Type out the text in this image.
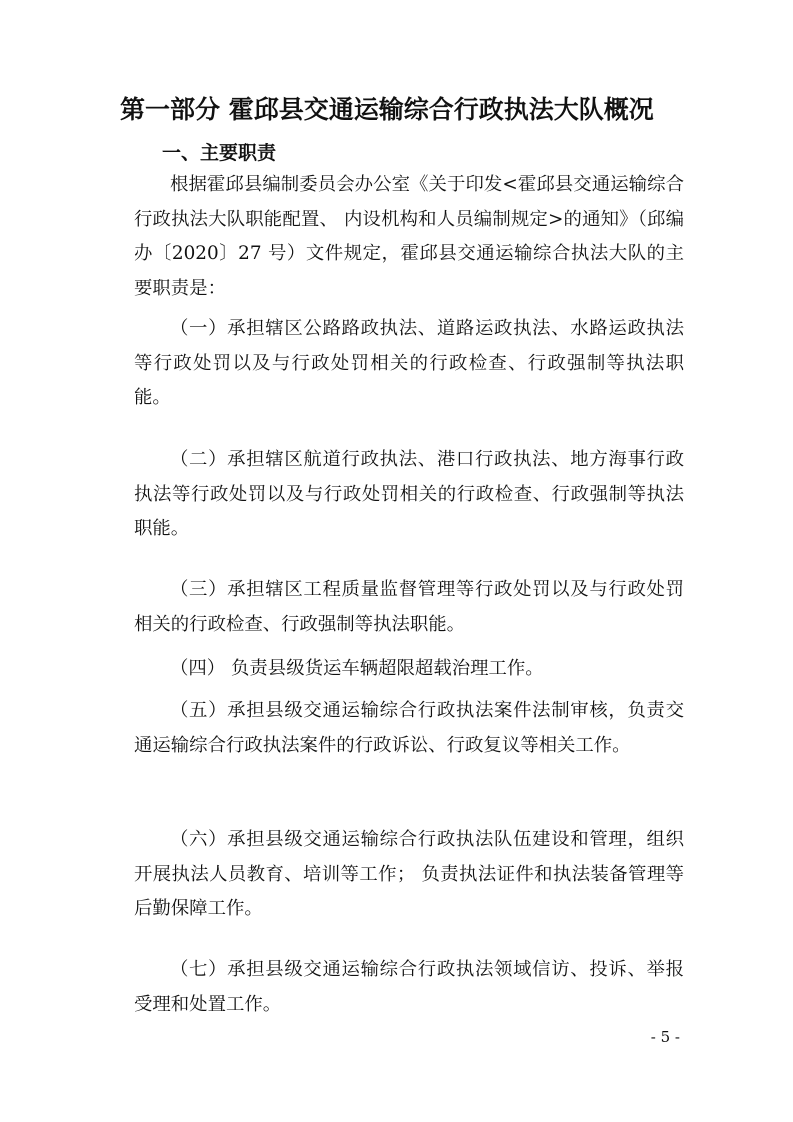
第一部分 霍邱县交通运输综合行政执法大队概况
一、主要职责

根据霍邱县编制委员会办公室《关于印发<霍邱县交通运输综合行政执法大队职能配置、 内设机构和人员编制规定>的通知》（邱编办〔2020〕27 号）文件规定，霍邱县交通运输综合执法大队的主要职责是：

（一）承担辖区公路路政执法、道路运政执法、水路运政执法等行政处罚以及与行政处罚相关的行政检查、行政强制等执法职能。

（二）承担辖区航道行政执法、港口行政执法、地方海事行政执法等行政处罚以及与行政处罚相关的行政检查、行政强制等执法职能。

（三）承担辖区工程质量监督管理等行政处罚以及与行政处罚相关的行政检查、行政强制等执法职能。

（四） 负责县级货运车辆超限超载治理工作。

（五）承担县级交通运输综合行政执法案件法制审核，负责交通运输综合行政执法案件的行政诉讼、行政复议等相关工作。

（六）承担县级交通运输综合行政执法队伍建设和管理，组织开展执法人员教育、培训等工作； 负责执法证件和执法装备管理等后勤保障工作。

（七）承担县级交通运输综合行政执法领域信访、投诉、举报受理和处置工作。

- 5 -
